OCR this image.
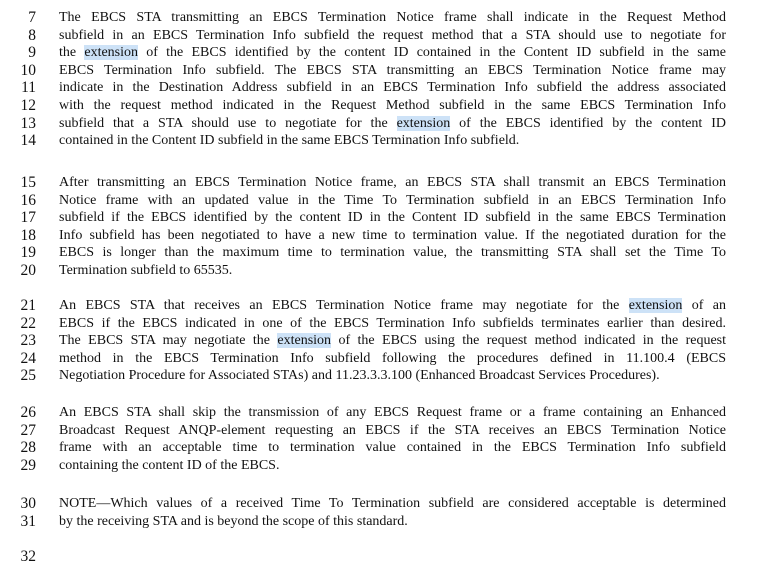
7 The EBCS STA transmitting an EBCS Termination Notice frame shall indicate in the Request Method
8 subfield in an EBCS Termination Info subfield the request method that a STA should use to negotiate for
9 the extension of the EBCS identified by the content ID contained in the Content ID subfield in the same
10 EBCS Termination Info subfield. The EBCS STA transmitting an EBCS Termination Notice frame may
11 indicate in the Destination Address subfield in an EBCS Termination Info subfield the address associated
12 with the request method indicated in the Request Method subfield in the same EBCS Termination Info
13 subfield that a STA should use to negotiate for the extension of the EBCS identified by the content ID
14 contained in the Content ID subfield in the same EBCS Termination Info subfield.
15 After transmitting an EBCS Termination Notice frame, an EBCS STA shall transmit an EBCS Termination
16 Notice frame with an updated value in the Time To Termination subfield in an EBCS Termination Info
17 subfield if the EBCS identified by the content ID in the Content ID subfield in the same EBCS Termination
18 Info subfield has been negotiated to have a new time to termination value. If the negotiated duration for the
19 EBCS is longer than the maximum time to termination value, the transmitting STA shall set the Time To
20 Termination subfield to 65535.
21 An EBCS STA that receives an EBCS Termination Notice frame may negotiate for the extension of an
22 EBCS if the EBCS indicated in one of the EBCS Termination Info subfields terminates earlier than desired.
23 The EBCS STA may negotiate the extension of the EBCS using the request method indicated in the request
24 method in the EBCS Termination Info subfield following the procedures defined in 11.100.4 (EBCS
25 Negotiation Procedure for Associated STAs) and 11.23.3.3.100 (Enhanced Broadcast Services Procedures).
26 An EBCS STA shall skip the transmission of any EBCS Request frame or a frame containing an Enhanced
27 Broadcast Request ANQP-element requesting an EBCS if the STA receives an EBCS Termination Notice
28 frame with an acceptable time to termination value contained in the EBCS Termination Info subfield
29 containing the content ID of the EBCS.
30 NOTE—Which values of a received Time To Termination subfield are considered acceptable is determined
31 by the receiving STA and is beyond the scope of this standard.
32
